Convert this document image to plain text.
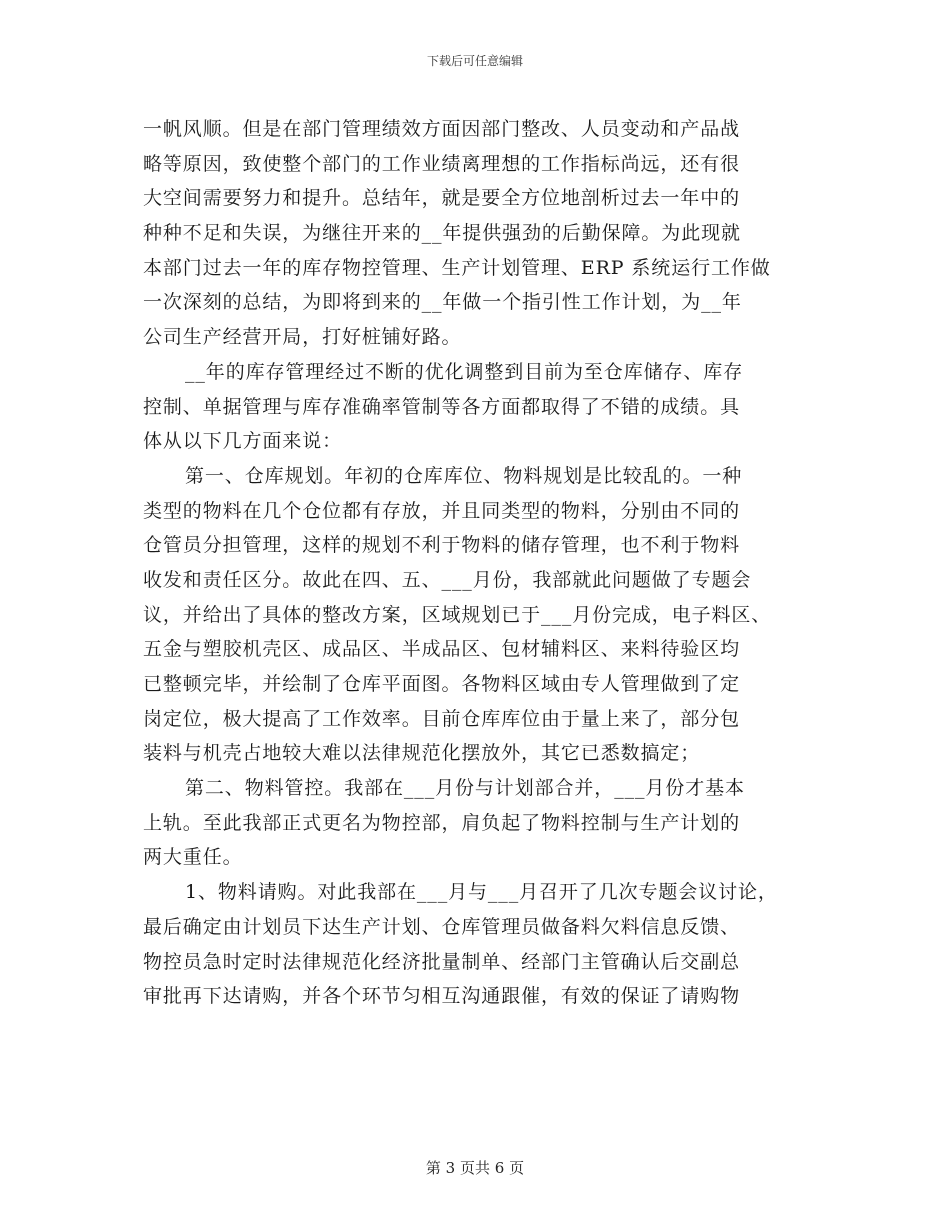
下载后可任意编辑
一帆风顺。但是在部门管理绩效方面因部门整改、人员变动和产品战
略等原因，致使整个部门的工作业绩离理想的工作指标尚远，还有很
大空间需要努力和提升。总结年，就是要全方位地剖析过去一年中的
种种不足和失误，为继往开来的__年提供强劲的后勤保障。为此现就
本部门过去一年的库存物控管理、生产计划管理、ERP 系统运行工作做
一次深刻的总结，为即将到来的__年做一个指引性工作计划，为__年
公司生产经营开局，打好桩铺好路。
__年的库存管理经过不断的优化调整到目前为至仓库储存、库存
控制、单据管理与库存准确率管制等各方面都取得了不错的成绩。具
体从以下几方面来说：
第一、仓库规划。年初的仓库库位、物料规划是比较乱的。一种
类型的物料在几个仓位都有存放，并且同类型的物料，分别由不同的
仓管员分担管理，这样的规划不利于物料的储存管理，也不利于物料
收发和责任区分。故此在四、五、___月份，我部就此问题做了专题会
议，并给出了具体的整改方案，区域规划已于___月份完成，电子料区、
五金与塑胶机壳区、成品区、半成品区、包材辅料区、来料待验区均
已整顿完毕，并绘制了仓库平面图。各物料区域由专人管理做到了定
岗定位，极大提高了工作效率。目前仓库库位由于量上来了，部分包
装料与机壳占地较大难以法律规范化摆放外，其它已悉数搞定；
第二、物料管控。我部在___月份与计划部合并，___月份才基本
上轨。至此我部正式更名为物控部，肩负起了物料控制与生产计划的
两大重任。
1、物料请购。对此我部在___月与___月召开了几次专题会议讨论，
最后确定由计划员下达生产计划、仓库管理员做备料欠料信息反馈、
物控员急时定时法律规范化经济批量制单、经部门主管确认后交副总
审批再下达请购，并各个环节匀相互沟通跟催，有效的保证了请购物
第 3 页共 6 页
